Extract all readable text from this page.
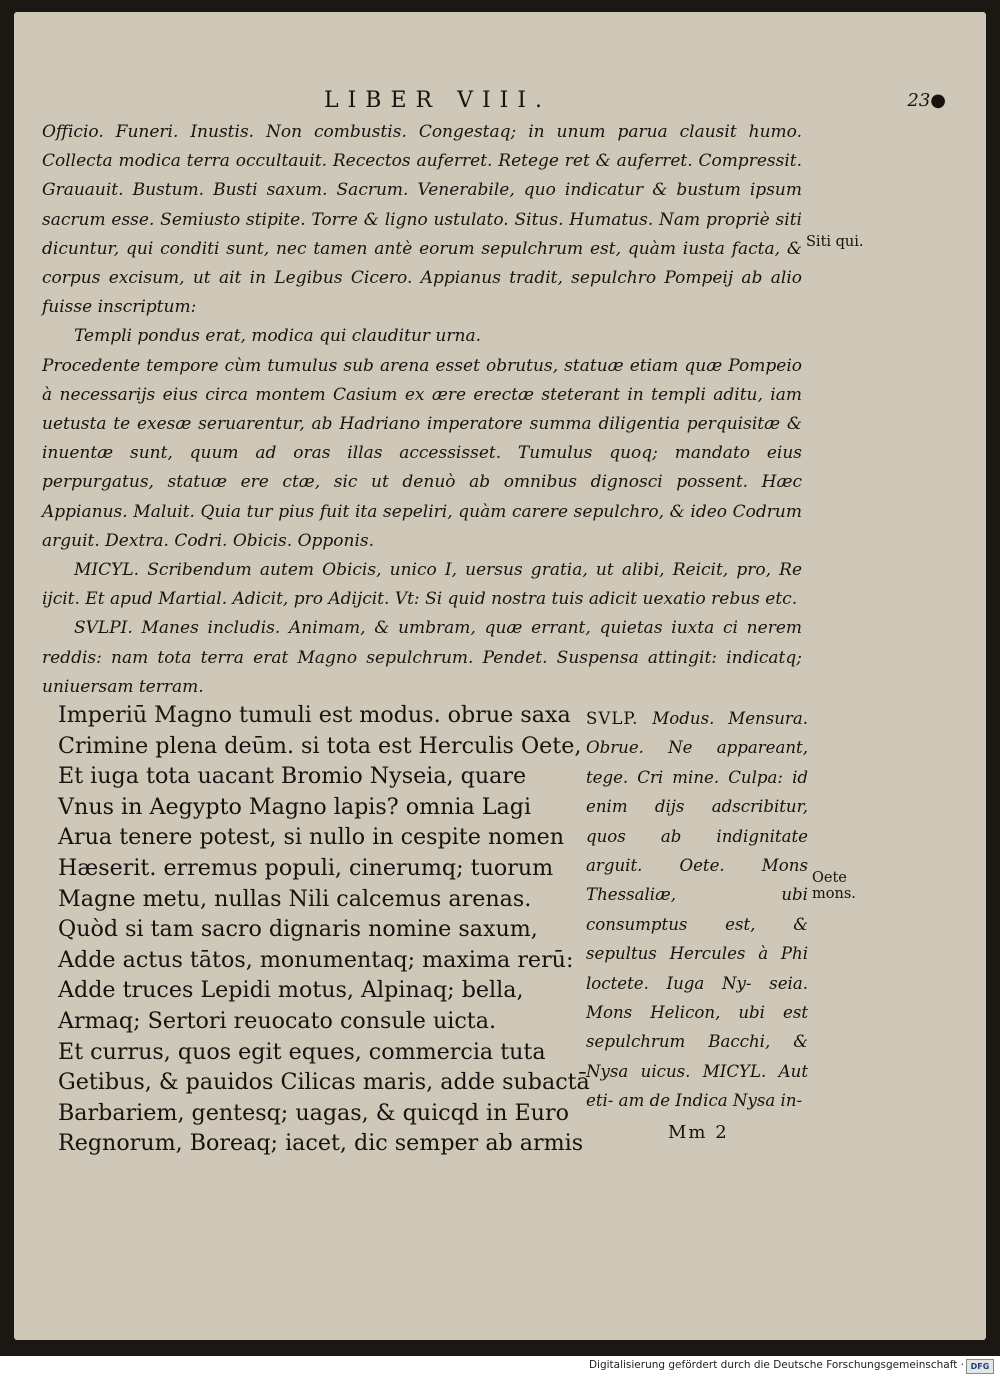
LIBER VIII.	23●

Officio. Funeri. Inustis. Non combustis. Congestaq; in unum parua clausit humo. Collecta modica terra occultauit. Recectos auferret. Retege ret & auferret. Compressit. Grauauit. Bustum. Busti saxum. Sacrum. Venerabile, quo indicatur & bustum ipsum sacrum esse. Semiusto stipite. Torre & ligno ustulato. Situs. Humatus. Nam propriè siti dicuntur, qui conditi sunt, nec tamen antè eorum sepulchrum est, quàm iusta facta, & corpus excisum, ut ait in Legibus Cicero. Appianus tradit, sepulchro Pompeij ab alio fuisse inscriptum:

Templi pondus erat, modica qui clauditur urna.

Procedente tempore cùm tumulus sub arena esset obrutus, statuæ etiam quæ Pompeio à necessarijs eius circa montem Casium ex ære erectæ steterant in templi aditu, iam uetusta te exesæ seruarentur, ab Hadriano imperatore summa diligentia perquisitæ & inuentæ sunt, quum ad oras illas accessisset. Tumulus quoq; mandato eius perpurgatus, statuæ ere ctæ, sic ut denuò ab omnibus dignosci possent. Hæc Appianus. Maluit. Quia tur pius fuit ita sepeliri, quàm carere sepulchro, & ideo Codrum arguit. Dextra. Codri. Obicis. Opponis.

MICYL. Scribendum autem Obicis, unico I, uersus gratia, ut alibi, Reicit, pro, Re ijcit. Et apud Martial. Adicit, pro Adijcit. Vt: Si quid nostra tuis adicit uexatio rebus etc.

SVLPI. Manes includis. Animam, & umbram, quæ errant, quietas iuxta ci nerem reddis: nam tota terra erat Magno sepulchrum. Pendet. Suspensa attingit: indicatq; uniuersam terram.

Siti qui.
Oete mons.
Imperiū Magno tumuli est modus. obrue saxa
Crimine plena deūm. si tota est Herculis Oete,
Et iuga tota uacant Bromio Nyseia, quare
Vnus in Aegypto Magno lapis? omnia Lagi
Arua tenere potest, si nullo in cespite nomen
Hæserit. erremus populi, cinerumq; tuorum
Magne metu, nullas Nili calcemus arenas.
Quòd si tam sacro dignaris nomine saxum,
Adde actus tātos, monumentaq; maxima rerū:
Adde truces Lepidi motus, Alpinaq; bella,
Armaq; Sertori reuocato consule uicta.
Et currus, quos egit eques, commercia tuta
Getibus, & pauidos Cilicas maris, adde subactā
Barbariem, gentesq; uagas, & quicqd in Euro
Regnorum, Boreaq; iacet, dic semper ab armis
SVLP. Modus. Mensura. Obrue. Ne appareant, tege. Cri mine. Culpa: id enim dijs adscribitur, quos ab indignitate arguit. Oete. Mons Thessaliæ, ubi consumptus est, & sepultus Hercules à Phi loctete. Iuga Ny- seia. Mons Helicon, ubi est sepulchrum Bacchi, & Nysa uicus. MICYL. Aut eti- am de Indica Nysa in-
Mm 2
Digitalisierung gefördert durch die Deutsche Forschungsgemeinschaft · DFG
